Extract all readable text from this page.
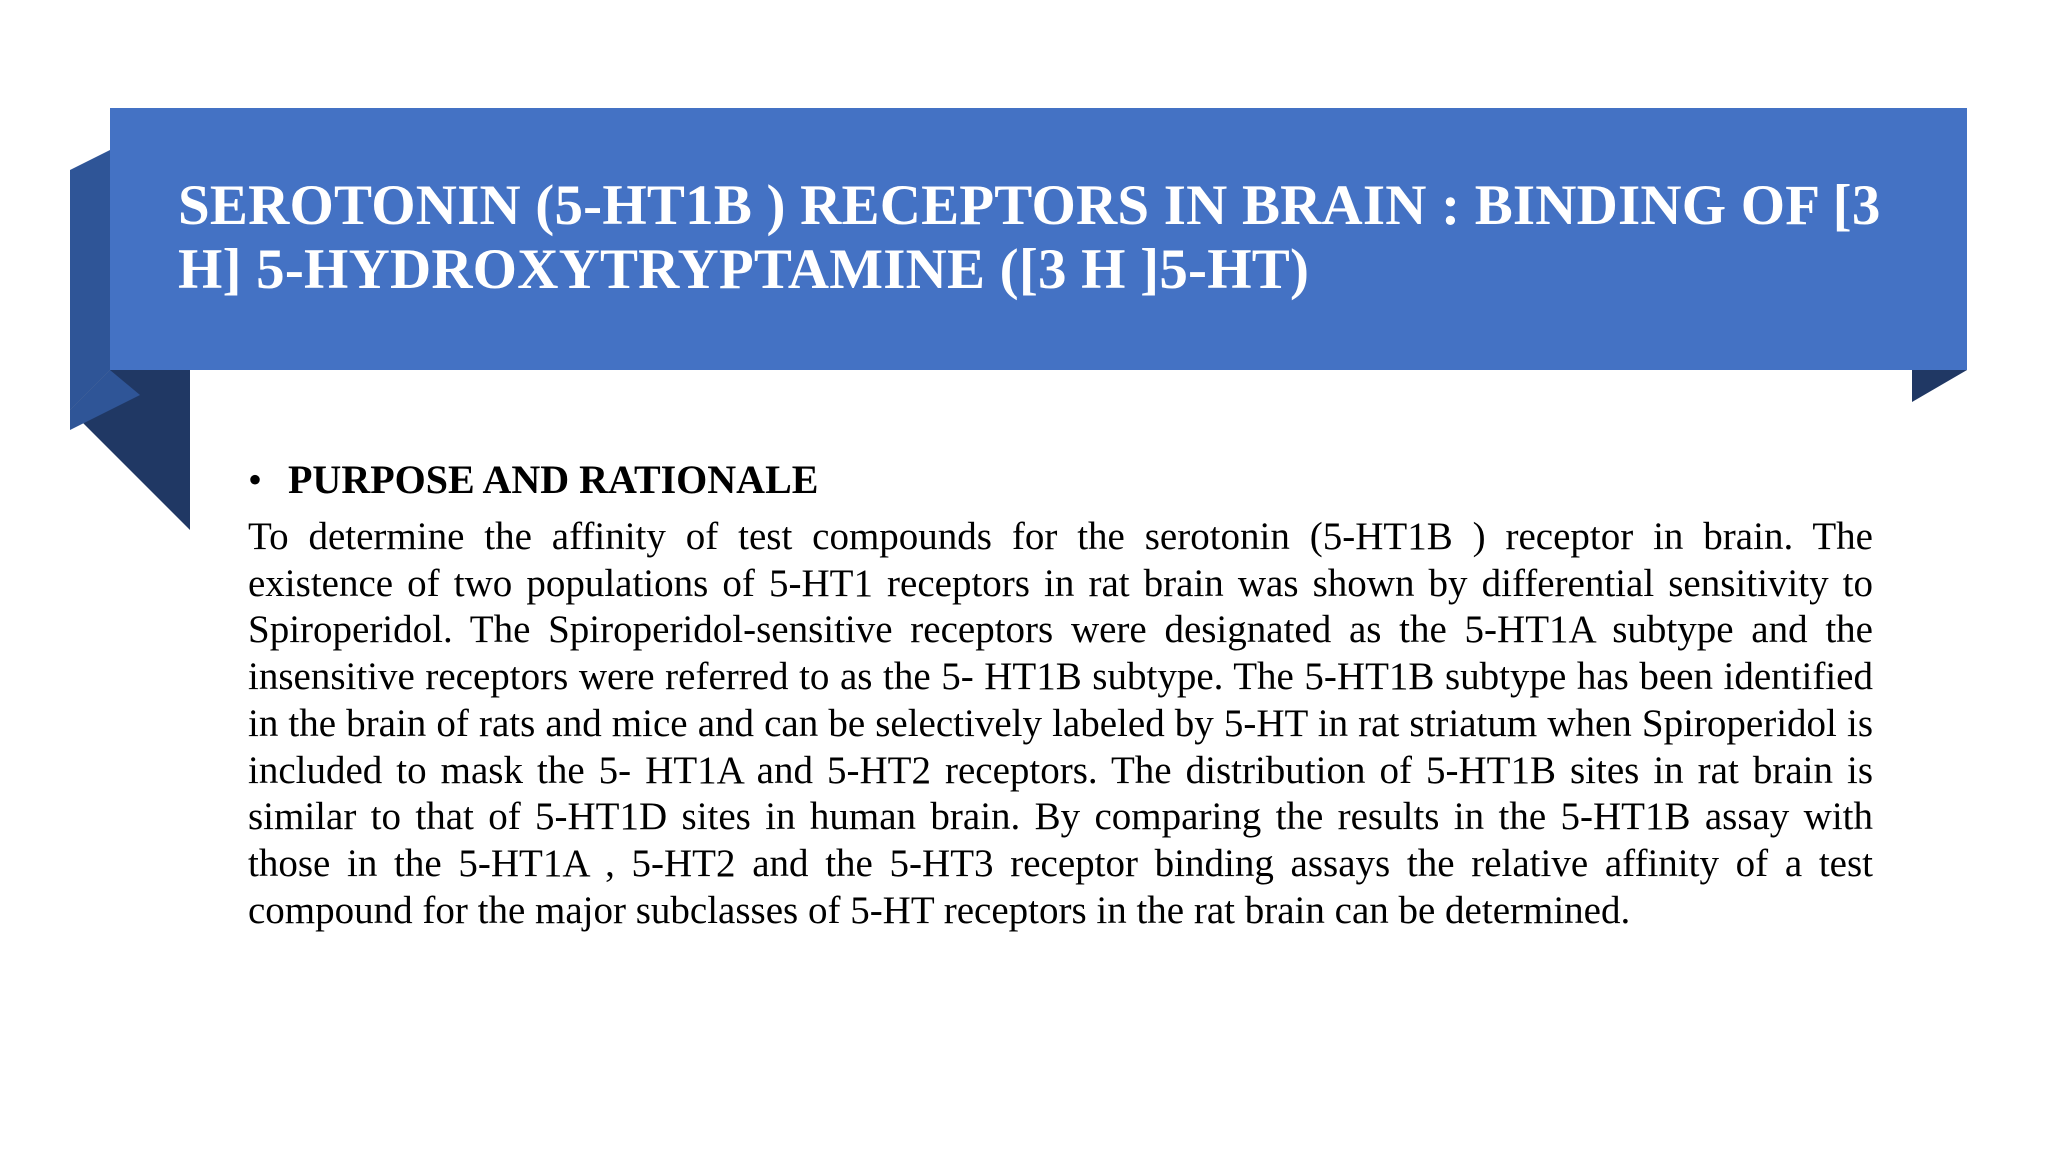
SEROTONIN (5-HT1B ) RECEPTORS IN BRAIN : BINDING OF [3 H] 5-HYDROXYTRYPTAMINE ([3 H ]5-HT)
• PURPOSE AND RATIONALE

To determine the affinity of test compounds for the serotonin (5-HT1B ) receptor in brain. The existence of two populations of 5-HT1 receptors in rat brain was shown by differential sensitivity to Spiroperidol. The Spiroperidol-sensitive receptors were designated as the 5-HT1A subtype and the insensitive receptors were referred to as the 5- HT1B subtype. The 5-HT1B subtype has been identified in the brain of rats and mice and can be selectively labeled by 5-HT in rat striatum when Spiroperidol is included to mask the 5- HT1A and 5-HT2 receptors. The distribution of 5-HT1B sites in rat brain is similar to that of 5-HT1D sites in human brain. By comparing the results in the 5-HT1B assay with those in the 5-HT1A , 5-HT2 and the 5-HT3 receptor binding assays the relative affinity of a test compound for the major subclasses of 5-HT receptors in the rat brain can be determined.
